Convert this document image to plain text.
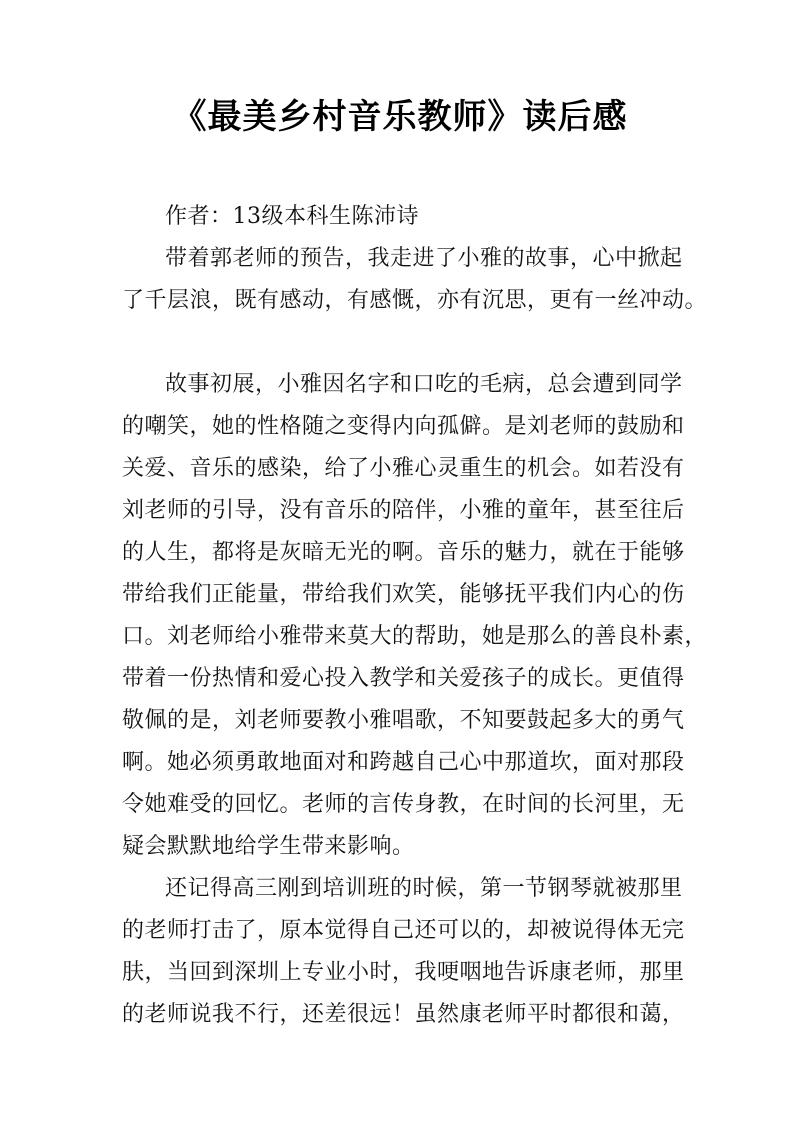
《最美乡村音乐教师》读后感
作者：13级本科生陈沛诗
带着郭老师的预告，我走进了小雅的故事，心中掀起
了千层浪，既有感动，有感慨，亦有沉思，更有一丝冲动。
故事初展，小雅因名字和口吃的毛病，总会遭到同学
的嘲笑，她的性格随之变得内向孤僻。是刘老师的鼓励和
关爱、音乐的感染，给了小雅心灵重生的机会。如若没有
刘老师的引导，没有音乐的陪伴，小雅的童年，甚至往后
的人生，都将是灰暗无光的啊。音乐的魅力，就在于能够
带给我们正能量，带给我们欢笑，能够抚平我们内心的伤
口。刘老师给小雅带来莫大的帮助，她是那么的善良朴素，
带着一份热情和爱心投入教学和关爱孩子的成长。更值得
敬佩的是，刘老师要教小雅唱歌，不知要鼓起多大的勇气
啊。她必须勇敢地面对和跨越自己心中那道坎，面对那段
令她难受的回忆。老师的言传身教，在时间的长河里，无
疑会默默地给学生带来影响。
还记得高三刚到培训班的时候，第一节钢琴就被那里
的老师打击了，原本觉得自己还可以的，却被说得体无完
肤，当回到深圳上专业小时，我哽咽地告诉康老师，那里
的老师说我不行，还差很远！虽然康老师平时都很和蔼，
